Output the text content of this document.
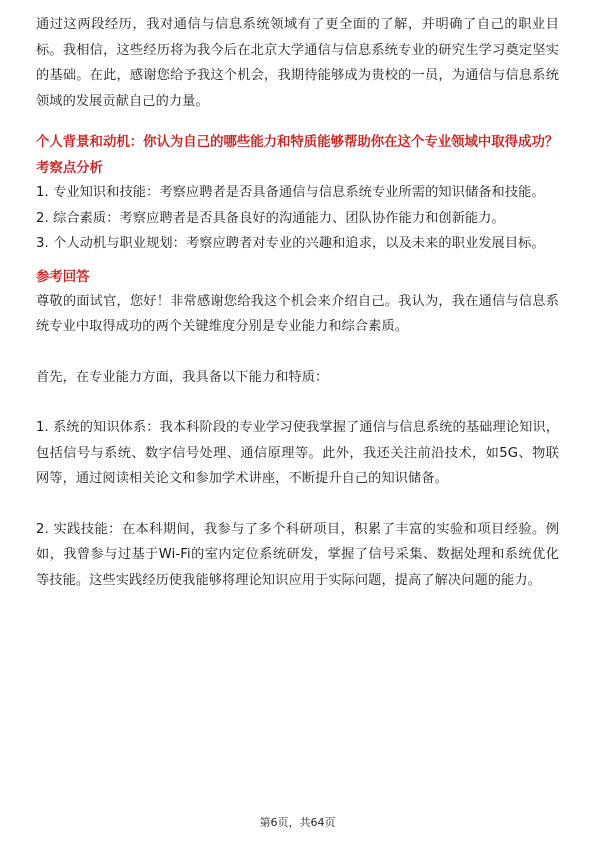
通过这两段经历，我对通信与信息系统领域有了更全面的了解，并明确了自己的职业目标。我相信，这些经历将为我今后在北京大学通信与信息系统专业的研究生学习奠定坚实的基础。在此，感谢您给予我这个机会，我期待能够成为贵校的一员，为通信与信息系统领域的发展贡献自己的力量。

个人背景和动机：你认为自己的哪些能力和特质能够帮助你在这个专业领域中取得成功？
考察点分析

1. 专业知识和技能：考察应聘者是否具备通信与信息系统专业所需的知识储备和技能。

2. 综合素质：考察应聘者是否具备良好的沟通能力、团队协作能力和创新能力。

3. 个人动机与职业规划：考察应聘者对专业的兴趣和追求，以及未来的职业发展目标。

参考回答

尊敬的面试官，您好！非常感谢您给我这个机会来介绍自己。我认为，我在通信与信息系统专业中取得成功的两个关键维度分别是专业能力和综合素质。

首先，在专业能力方面，我具备以下能力和特质：

1. 系统的知识体系：我本科阶段的专业学习使我掌握了通信与信息系统的基础理论知识，包括信号与系统、数字信号处理、通信原理等。此外，我还关注前沿技术，如5G、物联网等，通过阅读相关论文和参加学术讲座，不断提升自己的知识储备。

2. 实践技能：在本科期间，我参与了多个科研项目，积累了丰富的实验和项目经验。例如，我曾参与过基于Wi-Fi的室内定位系统研发，掌握了信号采集、数据处理和系统优化等技能。这些实践经历使我能够将理论知识应用于实际问题，提高了解决问题的能力。

第6页，共64页
